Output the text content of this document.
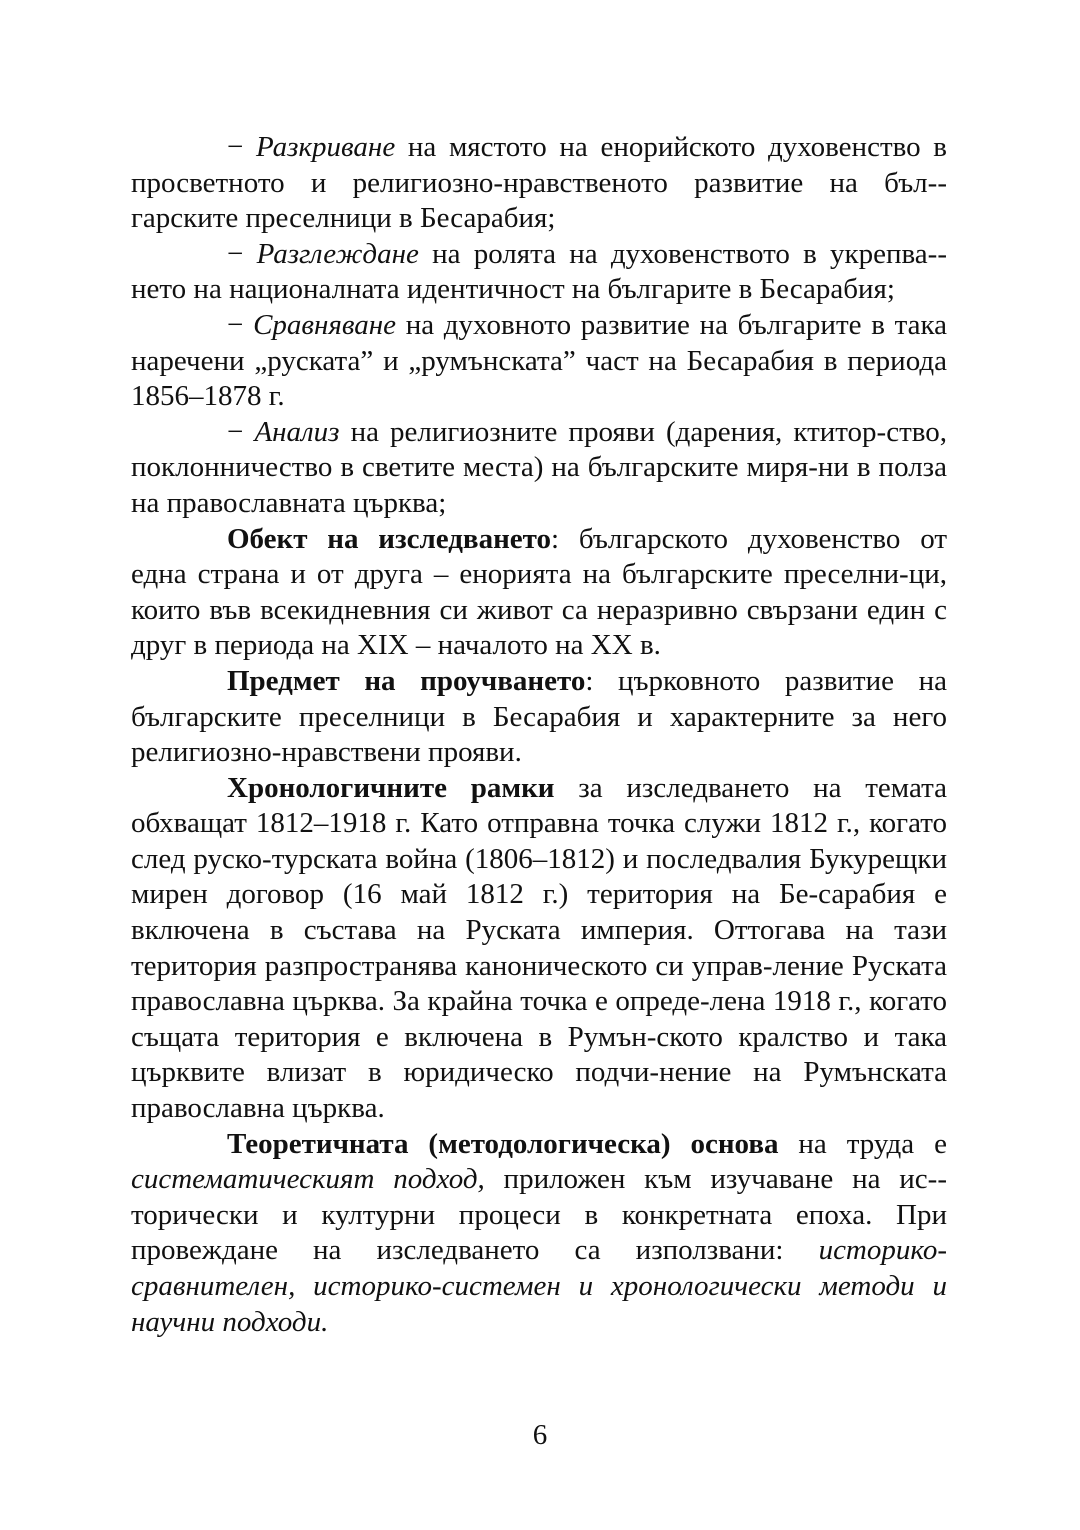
− Разкриване на мястото на енорийското духовенство в просветното и религиозно-нравственото развитие на бъл-гарските преселници в Бесарабия;

− Разглеждане на ролята на духовенството в укрепва-нето на националната идентичност на българите в Бесарабия;

− Сравняване на духовното развитие на българите в така наречени „руската” и „румънската” част на Бесарабия в периода 1856–1878 г.

− Анализ на религиозните прояви (дарения, ктитор-ство, поклонничество в светите места) на българските миря-ни в полза на православната църква;

Обект на изследването: българското духовенство от една страна и от друга – енорията на българските преселни-ци, които във всекидневния си живот са неразривно свързани един с друг в периода на XIX – началото на XX в.

Предмет на проучването: църковното развитие на българските преселници в Бесарабия и характерните за него религиозно-нравствени прояви.

Хронологичните рамки за изследването на темата обхващат 1812–1918 г. Като отправна точка служи 1812 г., когато след руско-турската война (1806–1812) и последвалия Букурещки мирен договор (16 май 1812 г.) територия на Бе-сарабия е включена в състава на Руската империя. Оттогава на тази територия разпространява каноническото си управ-ление Руската православна църква. За крайна точка е опреде-лена 1918 г., когато същата територия е включена в Румън-ското кралство и така църквите влизат в юридическо подчи-нение на Румънската православна църква.

Теоретичната (методологическа) основа на труда е систематическият подход, приложен към изучаване на ис-торически и културни процеси в конкретната епоха. При провеждане на изследването са използвани: историко-сравнителен, историко-системен и хронологически методи и научни подходи.

6
